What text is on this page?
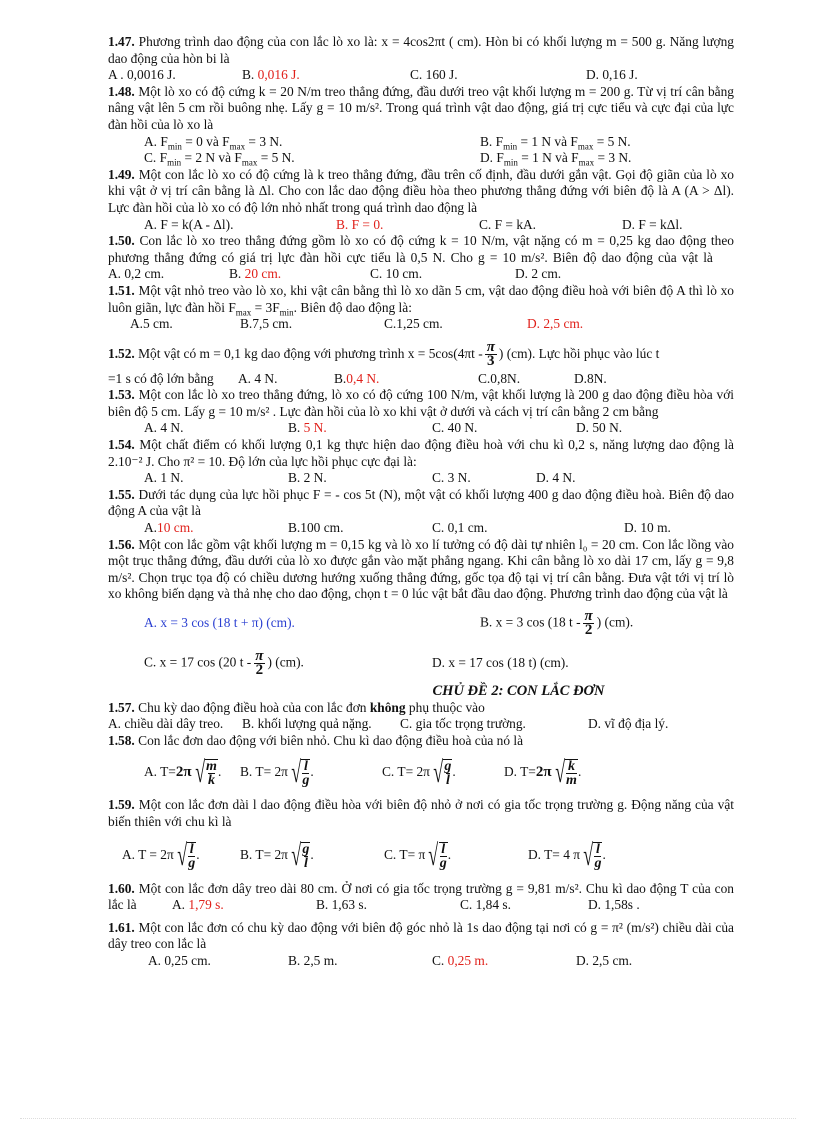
1.47. Phương trình dao động của con lắc lò xo là: x = 4cos2πt ( cm). Hòn bi có khối lượng m = 500 g. Năng lượng dao động của hòn bi là

A . 0,0016 J.	B. 0,016 J.	C. 160 J.	D. 0,16 J.

1.48. Một lò xo có độ cứng k = 20 N/m treo thẳng đứng, đầu dưới treo vật khối lượng m = 200 g. Từ vị trí cân bằng nâng vật lên 5 cm rồi buông nhẹ. Lấy g = 10 m/s². Trong quá trình vật dao động, giá trị cực tiểu và cực đại của lực đàn hồi của lò xo là

A. $F_{min} = 0$ và $F_{max} = 3$ N.	B. $F_{min} = 1$ N và $F_{max} = 5$ N.
C. $F_{min} = 2$ N và $F_{max} = 5$ N.	D. $F_{min} = 1$ N và $F_{max} = 3$ N.

1.49. Một con lắc lò xo có độ cứng là k treo thẳng đứng, đầu trên cố định, đầu dưới gắn vật. Gọi độ giãn của lò xo khi vật ở vị trí cân bằng là Δl. Cho con lắc dao động điều hòa theo phương thẳng đứng với biên độ là A (A > Δl). Lực đàn hồi của lò xo có độ lớn nhỏ nhất trong quá trình dao động là

A. F = k(A - Δl).	B. F = 0.	C. F = kA.	D. F = kΔl.

1.50. Con lắc lò xo treo thẳng đứng gồm lò xo có độ cứng k = 10 N/m, vật nặng có m = 0,25 kg dao động theo phương thẳng đứng có giá trị lực đàn hồi cực tiểu là 0,5 N. Cho g = 10 m/s². Biên độ dao động của vật là A. 0,2 cm.	B. 20 cm.	C. 10 cm.	D. 2 cm.

1.51. Một vật nhỏ treo vào lò xo, khi vật cân bằng thì lò xo dãn 5 cm, vật dao động điều hoà với biên độ A thì lò xo luôn giãn, lực đàn hồi $F_{max} = 3F_{min}$. Biên độ dao động là:

A.5 cm.	B.7,5 cm.	C.1,25 cm.	D. 2,5 cm.

1.52. Một vật có m = 0,1 kg dao động với phương trình $x = 5\cos(4\pi t - \frac{\pi}{3}$ ) (cm). Lực hồi phục vào lúc t

=1 s có độ lớn bằng	A. 4 N.	B.0,4 N.	C.0,8N.	D.8N.

1.53. Một con lắc lò xo treo thẳng đứng, lò xo có độ cứng 100 N/m, vật khối lượng là 200 g dao động điều hòa với biên độ 5 cm. Lấy g = 10 m/s² . Lực đàn hồi của lò xo khi vật ở dưới và cách vị trí cân bằng 2 cm bằng

A. 4 N.	B. 5 N.	C. 40 N.	D. 50 N.

1.54. Một chất điểm có khối lượng 0,1 kg thực hiện dao động điều hoà với chu kì 0,2 s, năng lượng dao động là 2.10⁻² J. Cho π² = 10. Độ lớn của lực hồi phục cực đại là:

A. 1 N.	B. 2 N.	C. 3 N.	D. 4 N.

1.55. Dưới tác dụng của lực hồi phục F = - cos 5t (N), một vật có khối lượng 400 g dao động điều hoà. Biên độ dao động A của vật là

A.10 cm.	B.100 cm.	C. 0,1 cm.	D. 10 m.

1.56. Một con lắc gồm vật khối lượng m = 0,15 kg và lò xo lí tưởng có độ dài tự nhiên l₀ = 20 cm. Con lắc lồng vào một trục thẳng đứng, đầu dưới của lò xo được gắn vào mặt phẳng ngang. Khi cân bằng lò xo dài 17 cm, lấy g = 9,8 m/s². Chọn trục tọa độ có chiều dương hướng xuống thẳng đứng, gốc tọa độ tại vị trí cân bằng. Đưa vật tới vị trí lò xo không biến dạng và thả nhẹ cho dao động, chọn t = 0 lúc vật bắt đầu dao động. Phương trình dao động của vật là

A. x = 3 cos (18 t + π) (cm).	B. x = 3 cos (18 t - $\frac{\pi}{2}$ ) (cm).
C. x = 17 cos (20 t - $\frac{\pi}{2}$ ) (cm).	D. x = 17 cos (18 t) (cm).

CHỦ ĐỀ 2: CON LẮC ĐƠN

1.57. Chu kỳ dao động điều hoà của con lắc đơn không phụ thuộc vào

A. chiều dài dây treo.	B. khối lượng quả nặng.	C. gia tốc trọng trường.	D. vĩ độ địa lý.

1.58. Con lắc đơn dao động với biên nhỏ. Chu kì dao động điều hoà của nó là

A. T=2π √ m
k
.	B. T= 2π √ l
g
.	C. T= 2π √ g
l
.	D. T=2π √ k
m
.

1.59. Một con lắc đơn dài l dao động điều hòa với biên độ nhỏ ở nơi có gia tốc trọng trường g. Động năng của vật biến thiên với chu kì là

A. T = 2π √ l
g
.	B. T= 2π √ g
l
.	C. T= π √ l
g
.	D. T= 4 π √ l
g
.

1.60. Một con lắc đơn dây treo dài 80 cm. Ở nơi có gia tốc trọng trường g = 9,81 m/s². Chu kì dao động T của con lắc là	A. 1,79 s.	B. 1,63 s.	C. 1,84 s.	D. 1,58s .

1.61. Một con lắc đơn có chu kỳ dao động với biên độ góc nhỏ là 1s dao động tại nơi có g = π² (m/s²) chiều dài của dây treo con lắc là

A. 0,25 cm.	B. 2,5 m.	C. 0,25 m.	D. 2,5 cm.
